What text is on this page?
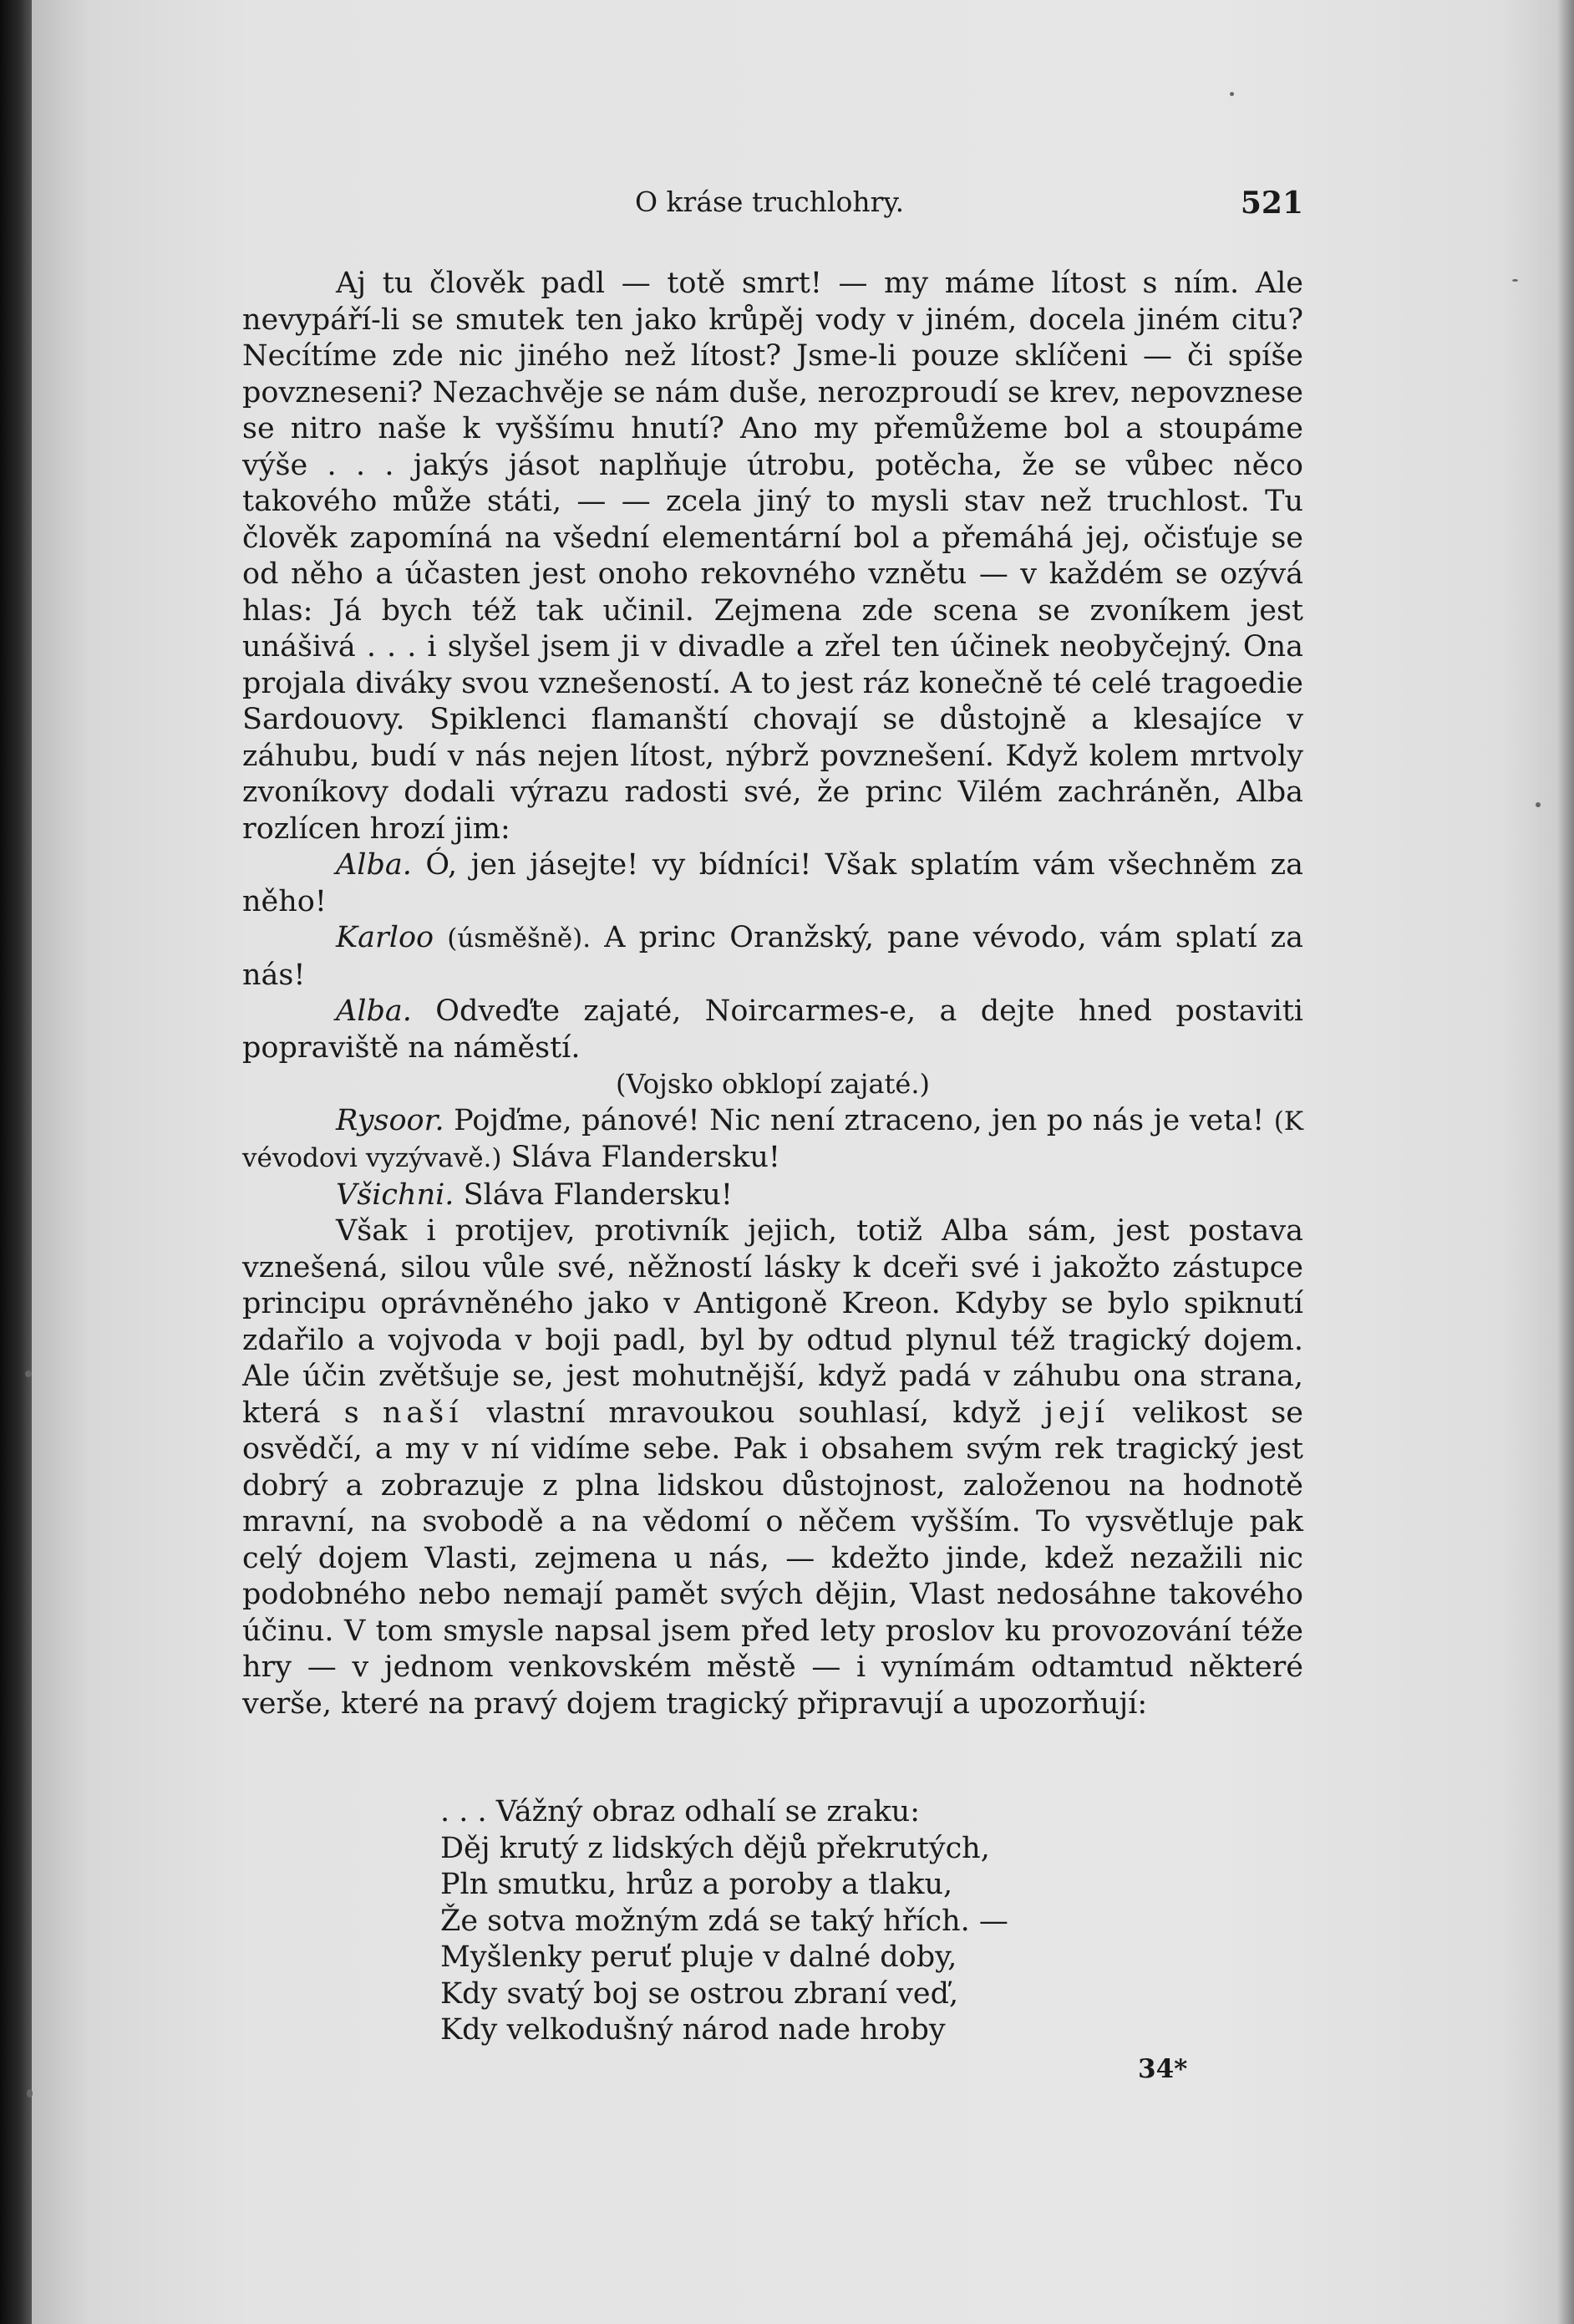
O kráse truchlohry.	521

Aj tu člověk padl — totě smrt! — my máme lítost s ním. Ale nevypáří-li se smutek ten jako krůpěj vody v jiném, docela jiném citu? Necítíme zde nic jiného než lítost? Jsme-li pouze sklíčeni — či spíše povzneseni? Nezachvěje se nám duše, nerozproudí se krev, nepovznese se nitro naše k vyššímu hnutí? Ano my přemůžeme bol a stoupáme výše . . . jakýs jásot naplňuje útrobu, potěcha, že se vůbec něco takového může státi, — — zcela jiný to mysli stav než truchlost. Tu člověk zapomíná na všední elementární bol a přemáhá jej, očisťuje se od něho a účasten jest onoho rekovného vznětu — v každém se ozývá hlas: Já bych též tak učinil. Zejmena zde scena se zvoníkem jest unášivá . . . i slyšel jsem ji v divadle a zřel ten účinek neobyčejný. Ona projala diváky svou vznešeností. A to jest ráz konečně té celé tragoedie Sardouovy. Spiklenci flamanští chovají se důstojně a klesajíce v záhubu, budí v nás nejen lítost, nýbrž povznešení. Když kolem mrtvoly zvoníkovy dodali výrazu radosti své, že princ Vilém zachráněn, Alba rozlícen hrozí jim:

Alba. Ó, jen jásejte! vy bídníci! Však splatím vám všechněm za něho!

Karloo (úsměšně). A princ Oranžský, pane vévodo, vám splatí za nás!

Alba. Odveďte zajaté, Noircarmes-e, a dejte hned postaviti popraviště na náměstí.

(Vojsko obklopí zajaté.)

Rysoor. Pojďme, pánové! Nic není ztraceno, jen po nás je veta! (K vévodovi vyzývavě.) Sláva Flandersku!

Všichni. Sláva Flandersku!

Však i protijev, protivník jejich, totiž Alba sám, jest postava vznešená, silou vůle své, něžností lásky k dceři své i jakožto zástupce principu oprávněného jako v Antigoně Kreon. Kdyby se bylo spiknutí zdařilo a vojvoda v boji padl, byl by odtud plynul též tragický dojem. Ale účin zvětšuje se, jest mohutnější, když padá v záhubu ona strana, která s naší vlastní mravoukou souhlasí, když její velikost se osvědčí, a my v ní vidíme sebe. Pak i obsahem svým rek tragický jest dobrý a zobrazuje z plna lidskou důstojnost, založenou na hodnotě mravní, na svobodě a na vědomí o něčem vyšším. To vysvětluje pak celý dojem Vlasti, zejmena u nás, — kdežto jinde, kdež nezažili nic podobného nebo nemají pamět svých dějin, Vlast nedosáhne takového účinu. V tom smysle napsal jsem před lety proslov ku provozování téže hry — v jednom venkovském městě — i vynímám odtamtud některé verše, které na pravý dojem tragický připravují a upozorňují:

. . . Vážný obraz odhalí se zraku:
Děj krutý z lidských dějů překrutých,
Pln smutku, hrůz a poroby a tlaku,
Že sotva možným zdá se taký hřích. —
Myšlenky peruť pluje v dalné doby,
Kdy svatý boj se ostrou zbraní veď,
Kdy velkodušný národ nade hroby
34*
